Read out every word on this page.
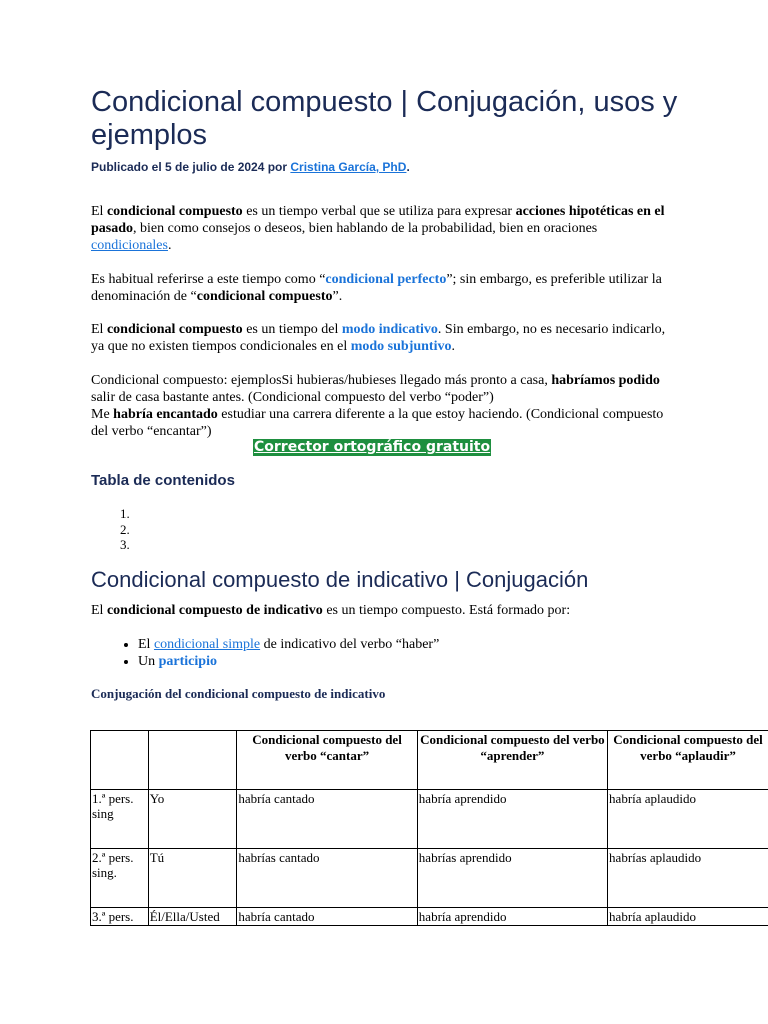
Condicional compuesto | Conjugación, usos y ejemplos
Publicado el 5 de julio de 2024 por Cristina García, PhD.

El condicional compuesto es un tiempo verbal que se utiliza para expresar acciones hipotéticas en el pasado, bien como consejos o deseos, bien hablando de la probabilidad, bien en oraciones condicionales.

Es habitual referirse a este tiempo como “condicional perfecto”; sin embargo, es preferible utilizar la denominación de “condicional compuesto”.

El condicional compuesto es un tiempo del modo indicativo. Sin embargo, no es necesario indicarlo, ya que no existen tiempos condicionales en el modo subjuntivo.

Condicional compuesto: ejemplosSi hubieras/hubieses llegado más pronto a casa, habríamos podido salir de casa bastante antes. (Condicional compuesto del verbo “poder”)
Me habría encantado estudiar una carrera diferente a la que estoy haciendo. (Condicional compuesto del verbo “encantar”)

Corrector ortográfico gratuito
Tabla de contenidos
Condicional compuesto de indicativo | Conjugación

El condicional compuesto de indicativo es un tiempo compuesto. Está formado por:

• El condicional simple de indicativo del verbo “haber”
• Un participio
Conjugación del condicional compuesto de indicativo
		Condicional compuesto del verbo “cantar”	Condicional compuesto del verbo “aprender”	Condicional compuesto del verbo “aplaudir”
1.ª pers. sing	Yo	habría cantado	habría aprendido	habría aplaudido
2.ª pers. sing.	Tú	habrías cantado	habrías aprendido	habrías aplaudido
3.ª pers.	Él/Ella/Usted	habría cantado	habría aprendido	habría aplaudido
